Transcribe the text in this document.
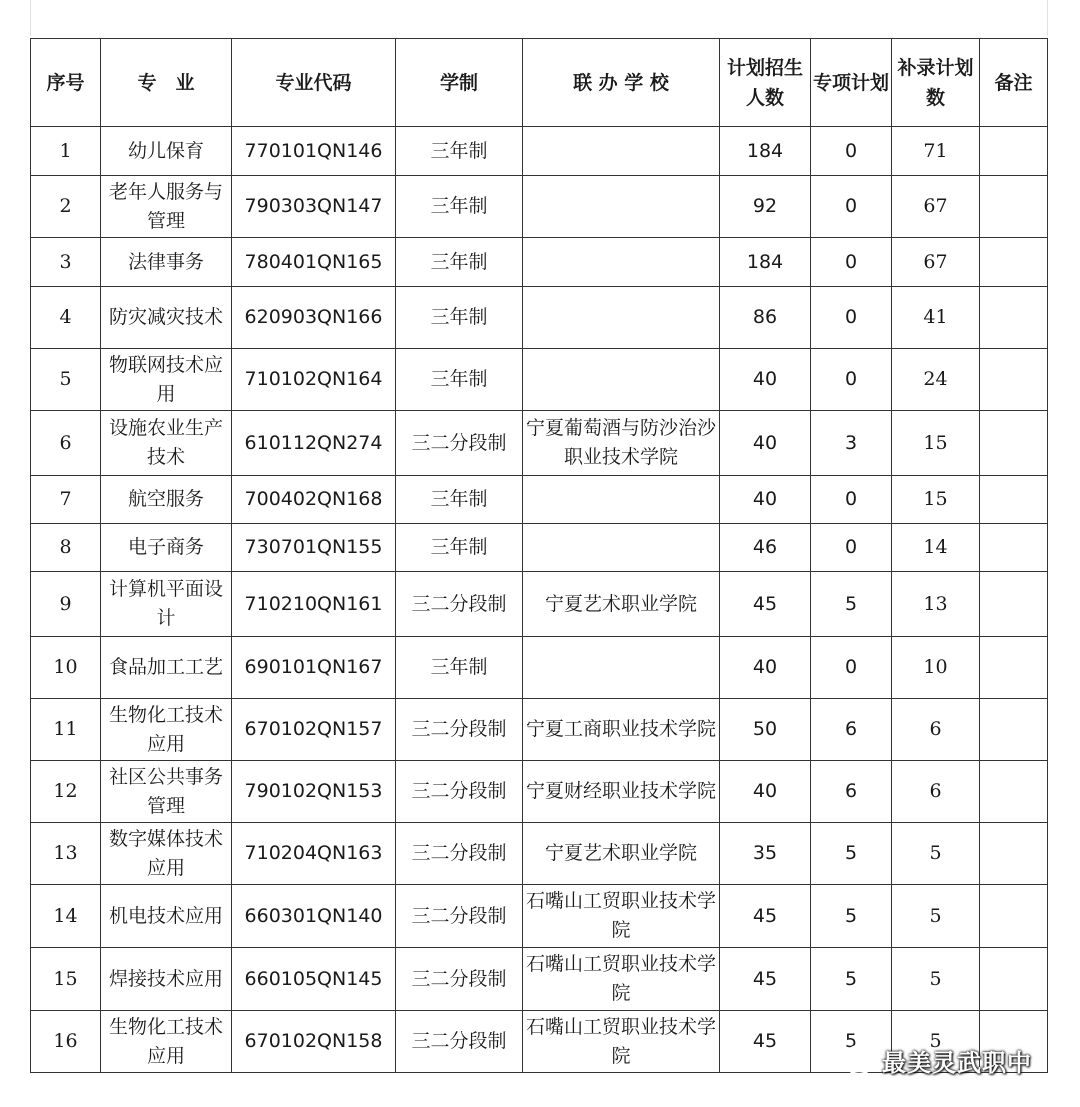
序号	专　业	专业代码	学制	联 办 学 校	计划招生人数	专项计划	补录计划数	备注
1	幼儿保育	770101QN146	三年制		184	0	71	
2	老年人服务与管理	790303QN147	三年制		92	0	67	
3	法律事务	780401QN165	三年制		184	0	67	
4	防灾减灾技术	620903QN166	三年制		86	0	41	
5	物联网技术应用	710102QN164	三年制		40	0	24	
6	设施农业生产技术	610112QN274	三二分段制	宁夏葡萄酒与防沙治沙职业技术学院	40	3	15	
7	航空服务	700402QN168	三年制		40	0	15	
8	电子商务	730701QN155	三年制		46	0	14	
9	计算机平面设计	710210QN161	三二分段制	宁夏艺术职业学院	45	5	13	
10	食品加工工艺	690101QN167	三年制		40	0	10	
11	生物化工技术应用	670102QN157	三二分段制	宁夏工商职业技术学院	50	6	6	
12	社区公共事务管理	790102QN153	三二分段制	宁夏财经职业技术学院	40	6	6	
13	数字媒体技术应用	710204QN163	三二分段制	宁夏艺术职业学院	35	5	5	
14	机电技术应用	660301QN140	三二分段制	石嘴山工贸职业技术学院	45	5	5	
15	焊接技术应用	660105QN145	三二分段制	石嘴山工贸职业技术学院	45	5	5	
16	生物化工技术应用	670102QN158	三二分段制	石嘴山工贸职业技术学院	45	5	5	
最美灵武职中
